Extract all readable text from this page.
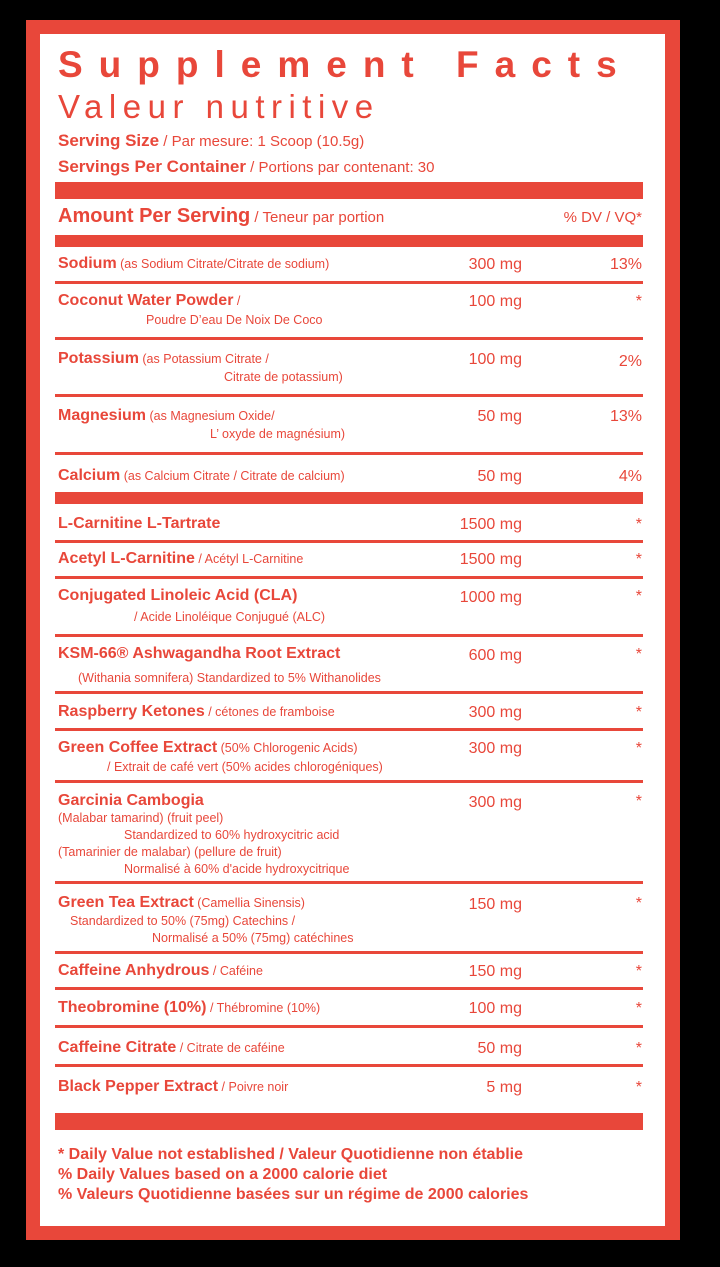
Supplement Facts
Valeur nutritive
Serving Size / Par mesure: 1 Scoop (10.5g)
Servings Per Container / Portions par contenant: 30
Amount Per Serving / Teneur par portion	% DV / VQ*
Sodium (as Sodium Citrate/Citrate de sodium)	300 mg	13%
Coconut Water Powder /
Poudre D’eau De Noix De Coco
100 mg	*
Potassium (as Potassium Citrate /
Citrate de potassium)
100 mg	2%
Magnesium (as Magnesium Oxide/
L’ oxyde de magnésium)
50 mg	13%
Calcium (as Calcium Citrate / Citrate de calcium)	50 mg	4%
L-Carnitine L-Tartrate	1500 mg	*
Acetyl L-Carnitine / Acétyl L-Carnitine	1500 mg	*
Conjugated Linoleic Acid (CLA)
/ Acide Linoléique Conjugué (ALC)
1000 mg	*
KSM-66® Ashwagandha Root Extract
(Withania somnifera) Standardized to 5% Withanolides
600 mg	*
Raspberry Ketones / cétones de framboise	300 mg	*
Green Coffee Extract (50% Chlorogenic Acids)
/ Extrait de café vert (50% acides chlorogéniques)
300 mg	*
Garcinia Cambogia
(Malabar tamarind) (fruit peel)
Standardized to 60% hydroxycitric acid
(Tamarinier de malabar) (pellure de fruit)
Normalisé à 60% d'acide hydroxycitrique
300 mg	*
Green Tea Extract (Camellia Sinensis)
Standardized to 50% (75mg) Catechins /
Normalisé a 50% (75mg) catéchines
150 mg	*
Caffeine Anhydrous / Caféine	150 mg	*
Theobromine (10%) / Thébromine (10%)	100 mg	*
Caffeine Citrate / Citrate de caféine	50 mg	*
Black Pepper Extract / Poivre noir	5 mg	*
* Daily Value not established / Valeur Quotidienne non établie
% Daily Values based on a 2000 calorie diet
% Valeurs Quotidienne basées sur un régime de 2000 calories
